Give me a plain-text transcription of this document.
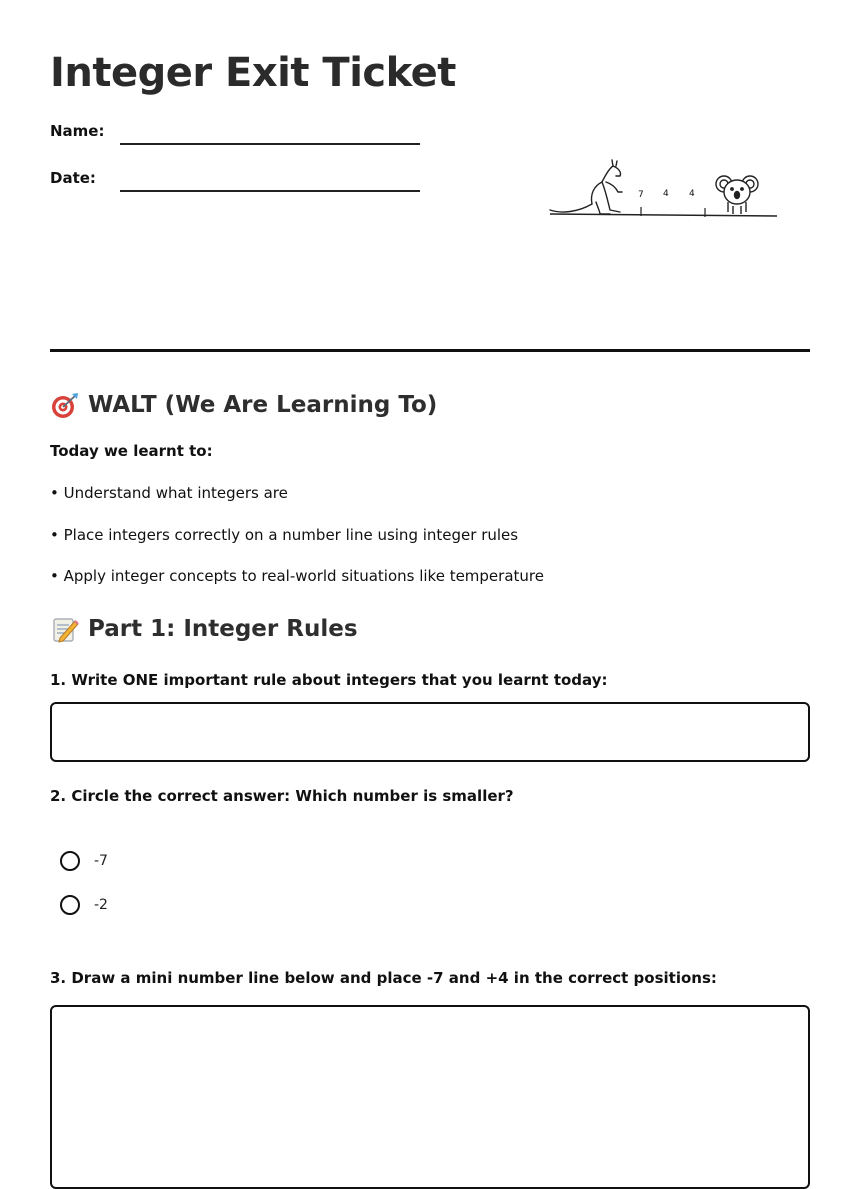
Integer Exit Ticket
Name:
Date:
7 4 4
WALT (We Are Learning To)
Today we learnt to:
• Understand what integers are
• Place integers correctly on a number line using integer rules
• Apply integer concepts to real-world situations like temperature
Part 1: Integer Rules
1. Write ONE important rule about integers that you learnt today:
2. Circle the correct answer: Which number is smaller?
-7
-2
3. Draw a mini number line below and place -7 and +4 in the correct positions:
